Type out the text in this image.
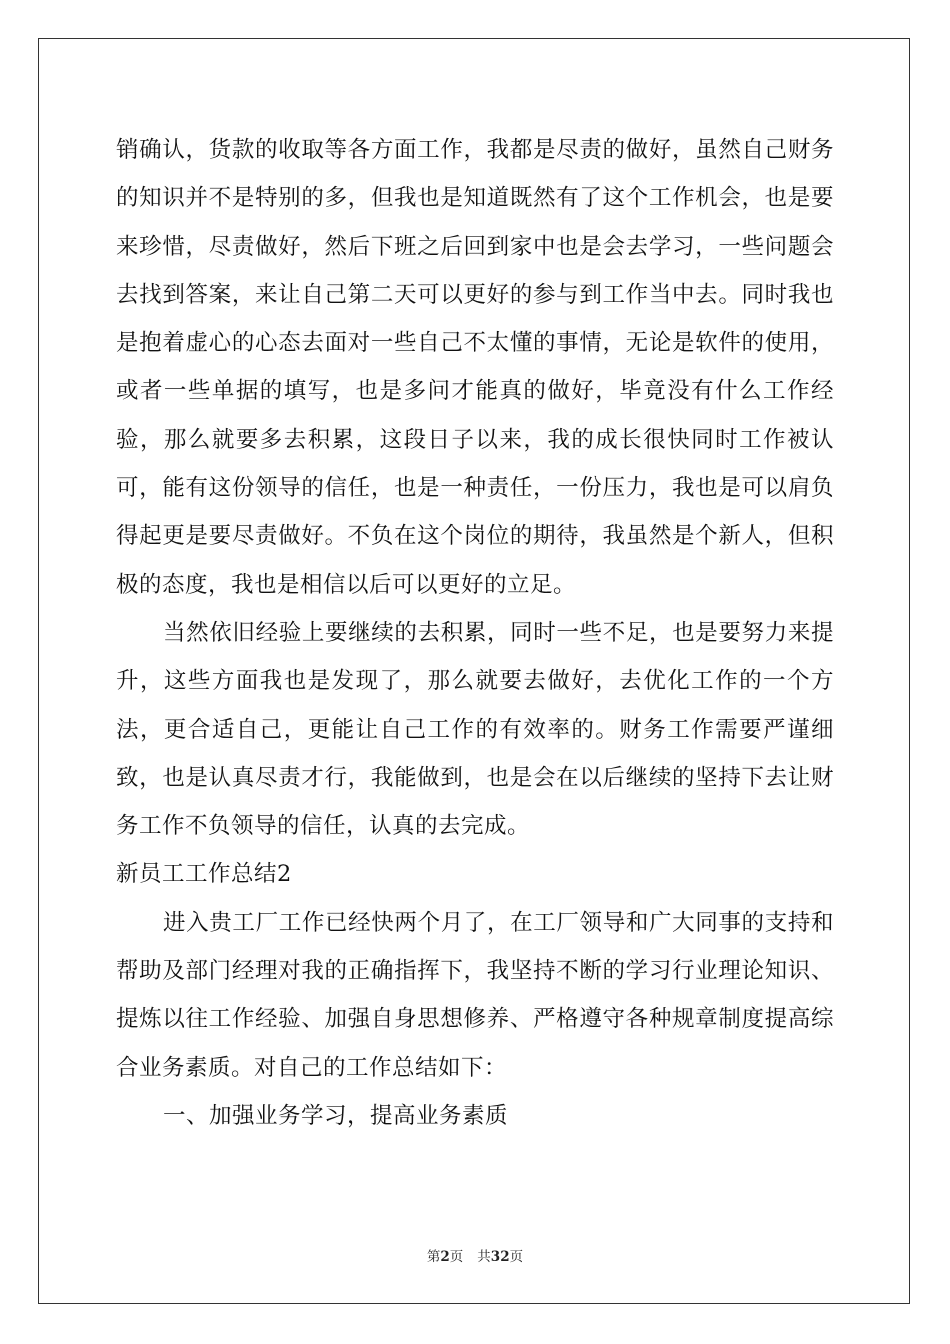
销确认，货款的收取等各方面工作，我都是尽责的做好，虽然自己财务的知识并不是特别的多，但我也是知道既然有了这个工作机会，也是要来珍惜，尽责做好，然后下班之后回到家中也是会去学习，一些问题会去找到答案，来让自己第二天可以更好的参与到工作当中去。同时我也是抱着虚心的心态去面对一些自己不太懂的事情，无论是软件的使用，或者一些单据的填写，也是多问才能真的做好，毕竟没有什么工作经验，那么就要多去积累，这段日子以来，我的成长很快同时工作被认可，能有这份领导的信任，也是一种责任，一份压力，我也是可以肩负得起更是要尽责做好。不负在这个岗位的期待，我虽然是个新人，但积极的态度，我也是相信以后可以更好的立足。

当然依旧经验上要继续的去积累，同时一些不足，也是要努力来提升，这些方面我也是发现了，那么就要去做好，去优化工作的一个方法，更合适自己，更能让自己工作的有效率的。财务工作需要严谨细致，也是认真尽责才行，我能做到，也是会在以后继续的坚持下去让财务工作不负领导的信任，认真的去完成。

新员工工作总结2

进入贵工厂工作已经快两个月了，在工厂领导和广大同事的支持和帮助及部门经理对我的正确指挥下，我坚持不断的学习行业理论知识、提炼以往工作经验、加强自身思想修养、严格遵守各种规章制度提高综合业务素质。对自己的工作总结如下：

一、加强业务学习，提高业务素质

第2页 共32页
